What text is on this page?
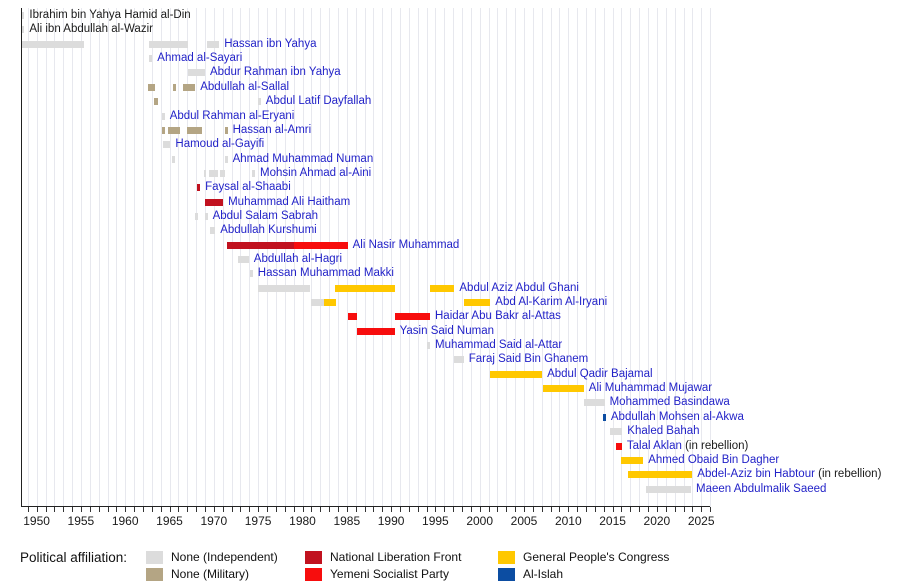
Ibrahim bin Yahya Hamid al-Din
Ali ibn Abdullah al-Wazir
Hassan ibn Yahya
Ahmad al-Sayari
Abdur Rahman ibn Yahya
Abdullah al-Sallal
Abdul Latif Dayfallah
Abdul Rahman al-Eryani
Hassan al-Amri
Hamoud al-Gayifi
Ahmad Muhammad Numan
Mohsin Ahmad al-Aini
Faysal al-Shaabi
Muhammad Ali Haitham
Abdul Salam Sabrah
Abdullah Kurshumi
Ali Nasir Muhammad
Abdullah al-Hagri
Hassan Muhammad Makki
Abdul Aziz Abdul Ghani
Abd Al-Karim Al-Iryani
Haidar Abu Bakr al-Attas
Yasin Said Numan
Muhammad Said al-Attar
Faraj Said Bin Ghanem
Abdul Qadir Bajamal
Ali Muhammad Mujawar
Mohammed Basindawa
Abdullah Mohsen al-Akwa
Khaled Bahah
Talal Aklan (in rebellion)
Ahmed Obaid Bin Dagher
Abdel-Aziz bin Habtour (in rebellion)
Maeen Abdulmalik Saeed
1950 1955 1960 1965 1970 1975 1980 1985 1990 1995 2000 2005 2010 2015 2020 2025
Political affiliation:	None (Independent)
None (Military)
National Liberation Front
Yemeni Socialist Party
General People's Congress
Al-Islah
